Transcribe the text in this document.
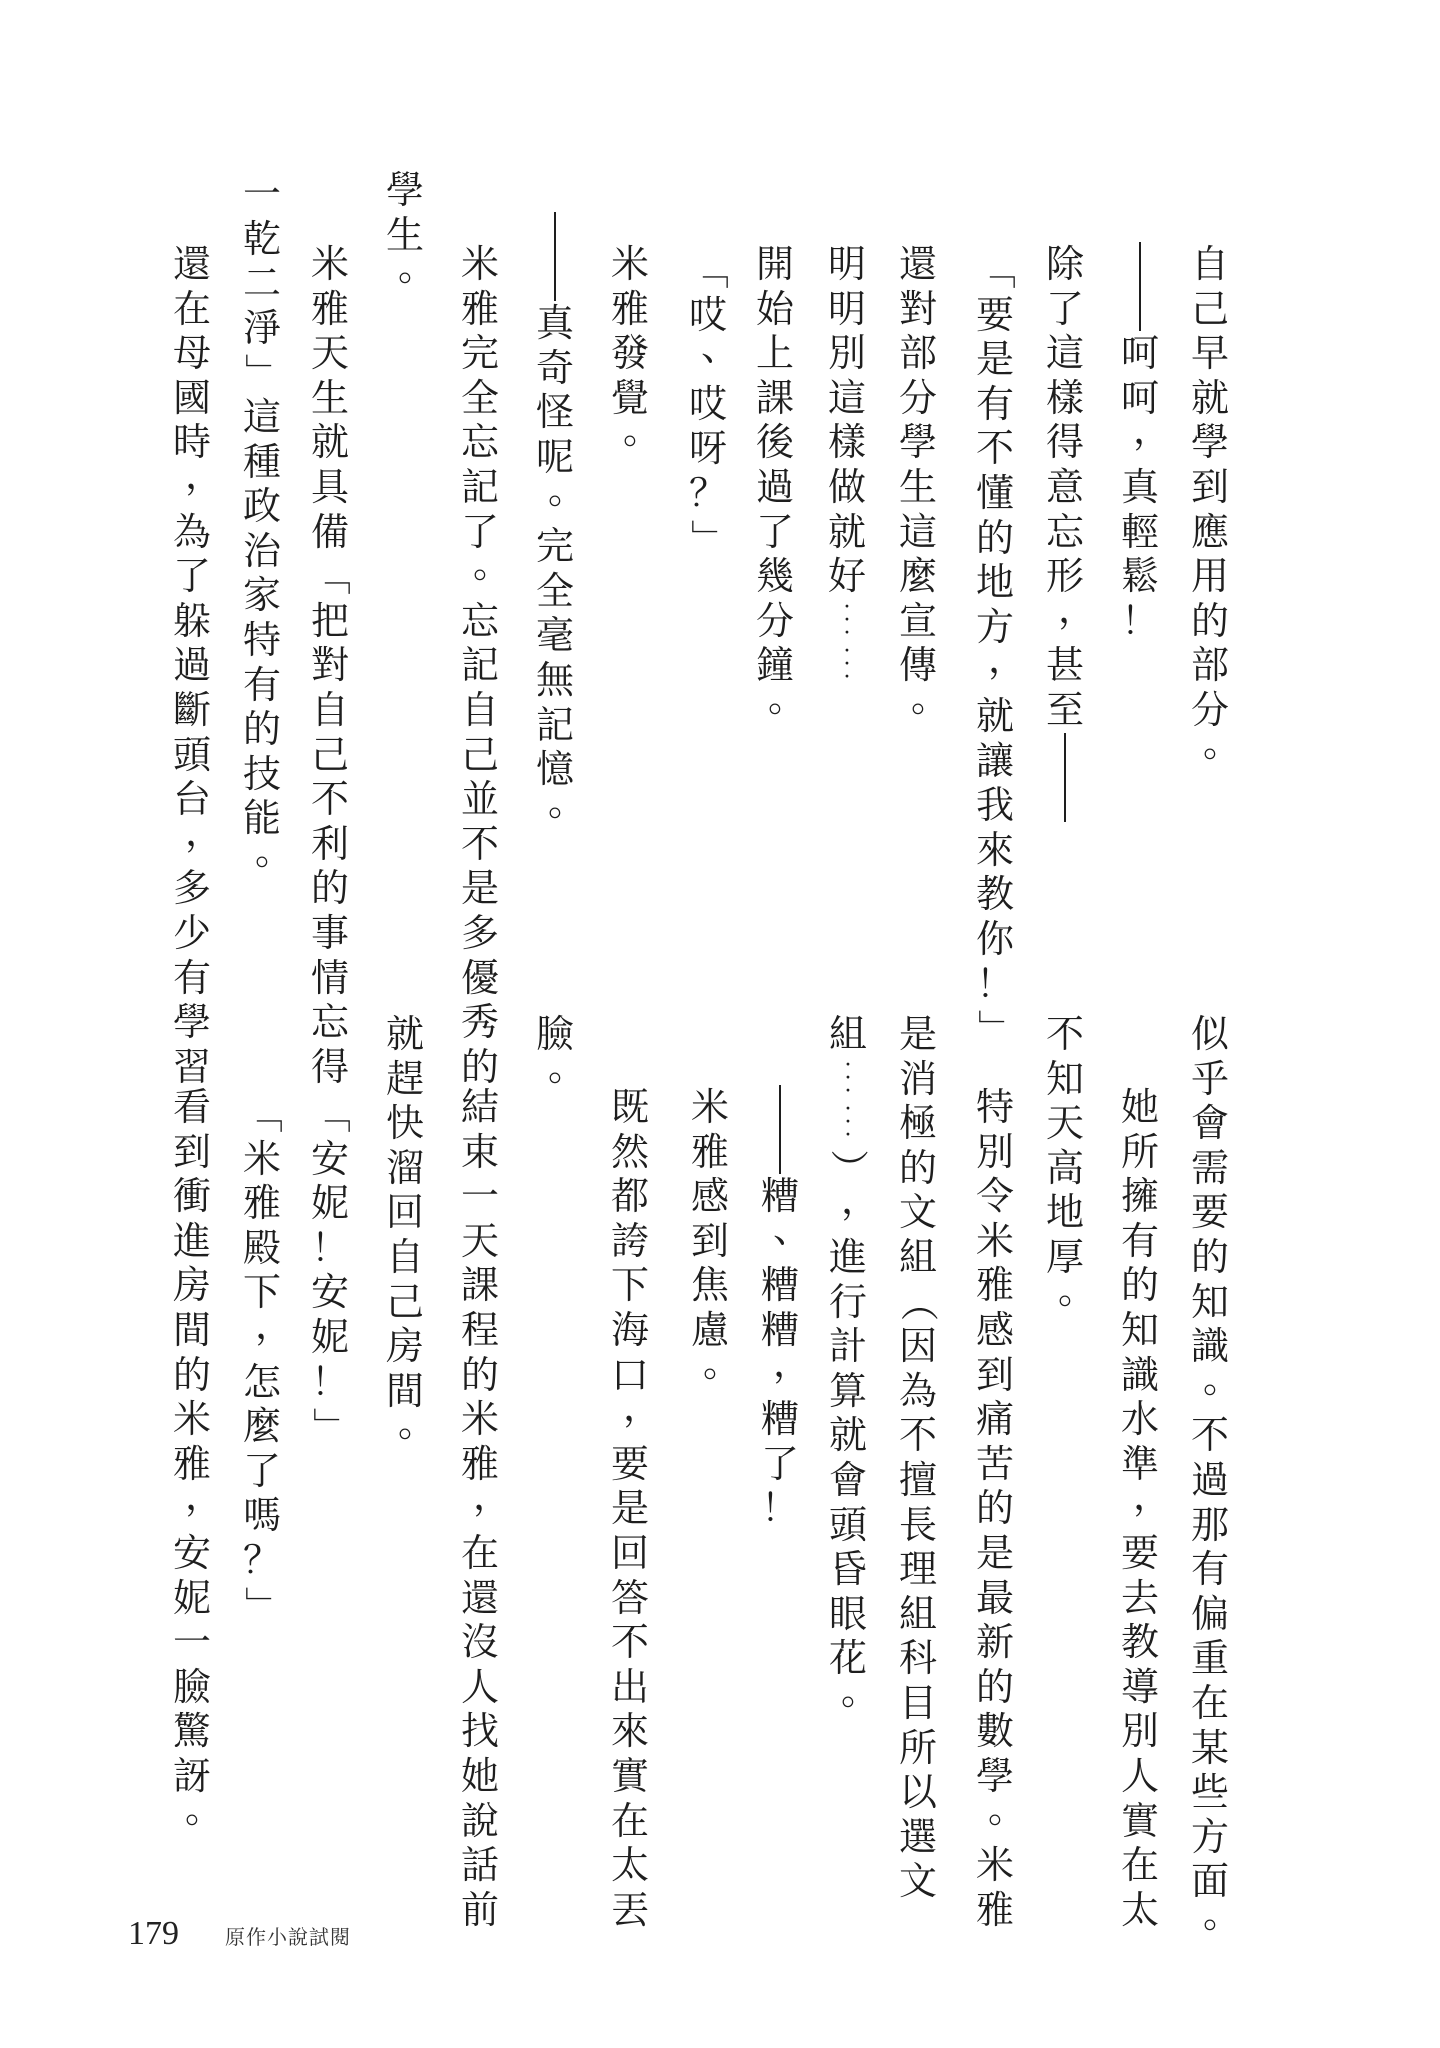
自
己
早
就
學
到
應
用
的
部
分
。
呵
呵
，
真
輕
鬆
！
除
了
這
樣
得
意
忘
形
，
甚
至
「
要
是
有
不
懂
的
地
方
，
就
讓
我
來
教
你
！
」
還
對
部
分
學
生
這
麼
宣
傳
。
明
明
別
這
樣
做
就
好
開
始
上
課
後
過
了
幾
分
鐘
。
「
哎
、
哎
呀
？
」
米
雅
發
覺
。
真
奇
怪
呢
。
完
全
毫
無
記
憶
。
米
雅
完
全
忘
記
了
。
忘
記
自
己
並
不
是
多
優
秀
的
學
生
。
米
雅
天
生
就
具
備
「
把
對
自
己
不
利
的
事
情
忘
得
一
乾
二
淨
」
這
種
政
治
家
特
有
的
技
能
。
還
在
母
國
時
，
為
了
躲
過
斷
頭
台
，
多
少
有
學
習
似
乎
會
需
要
的
知
識
。
不
過
那
有
偏
重
在
某
些
方
面
。
她
所
擁
有
的
知
識
水
準
，
要
去
教
導
別
人
實
在
太
不
知
天
高
地
厚
。
特
別
令
米
雅
感
到
痛
苦
的
是
最
新
的
數
學
。
米
雅
是
消
極
的
文
組
（
因
為
不
擅
長
理
組
科
目
所
以
選
文
組
）
，
進
行
計
算
就
會
頭
昏
眼
花
。
糟
、
糟
糟
，
糟
了
！
米
雅
感
到
焦
慮
。
既
然
都
誇
下
海
口
，
要
是
回
答
不
出
來
實
在
太
丟
臉
。
結
束
一
天
課
程
的
米
雅
，
在
還
沒
人
找
她
說
話
前
就
趕
快
溜
回
自
己
房
間
。
「
安
妮
！
安
妮
！
」
「
米
雅
殿
下
，
怎
麼
了
嗎
？
」
看
到
衝
進
房
間
的
米
雅
，
安
妮
一
臉
驚
訝
。
179 原作小說試閱
